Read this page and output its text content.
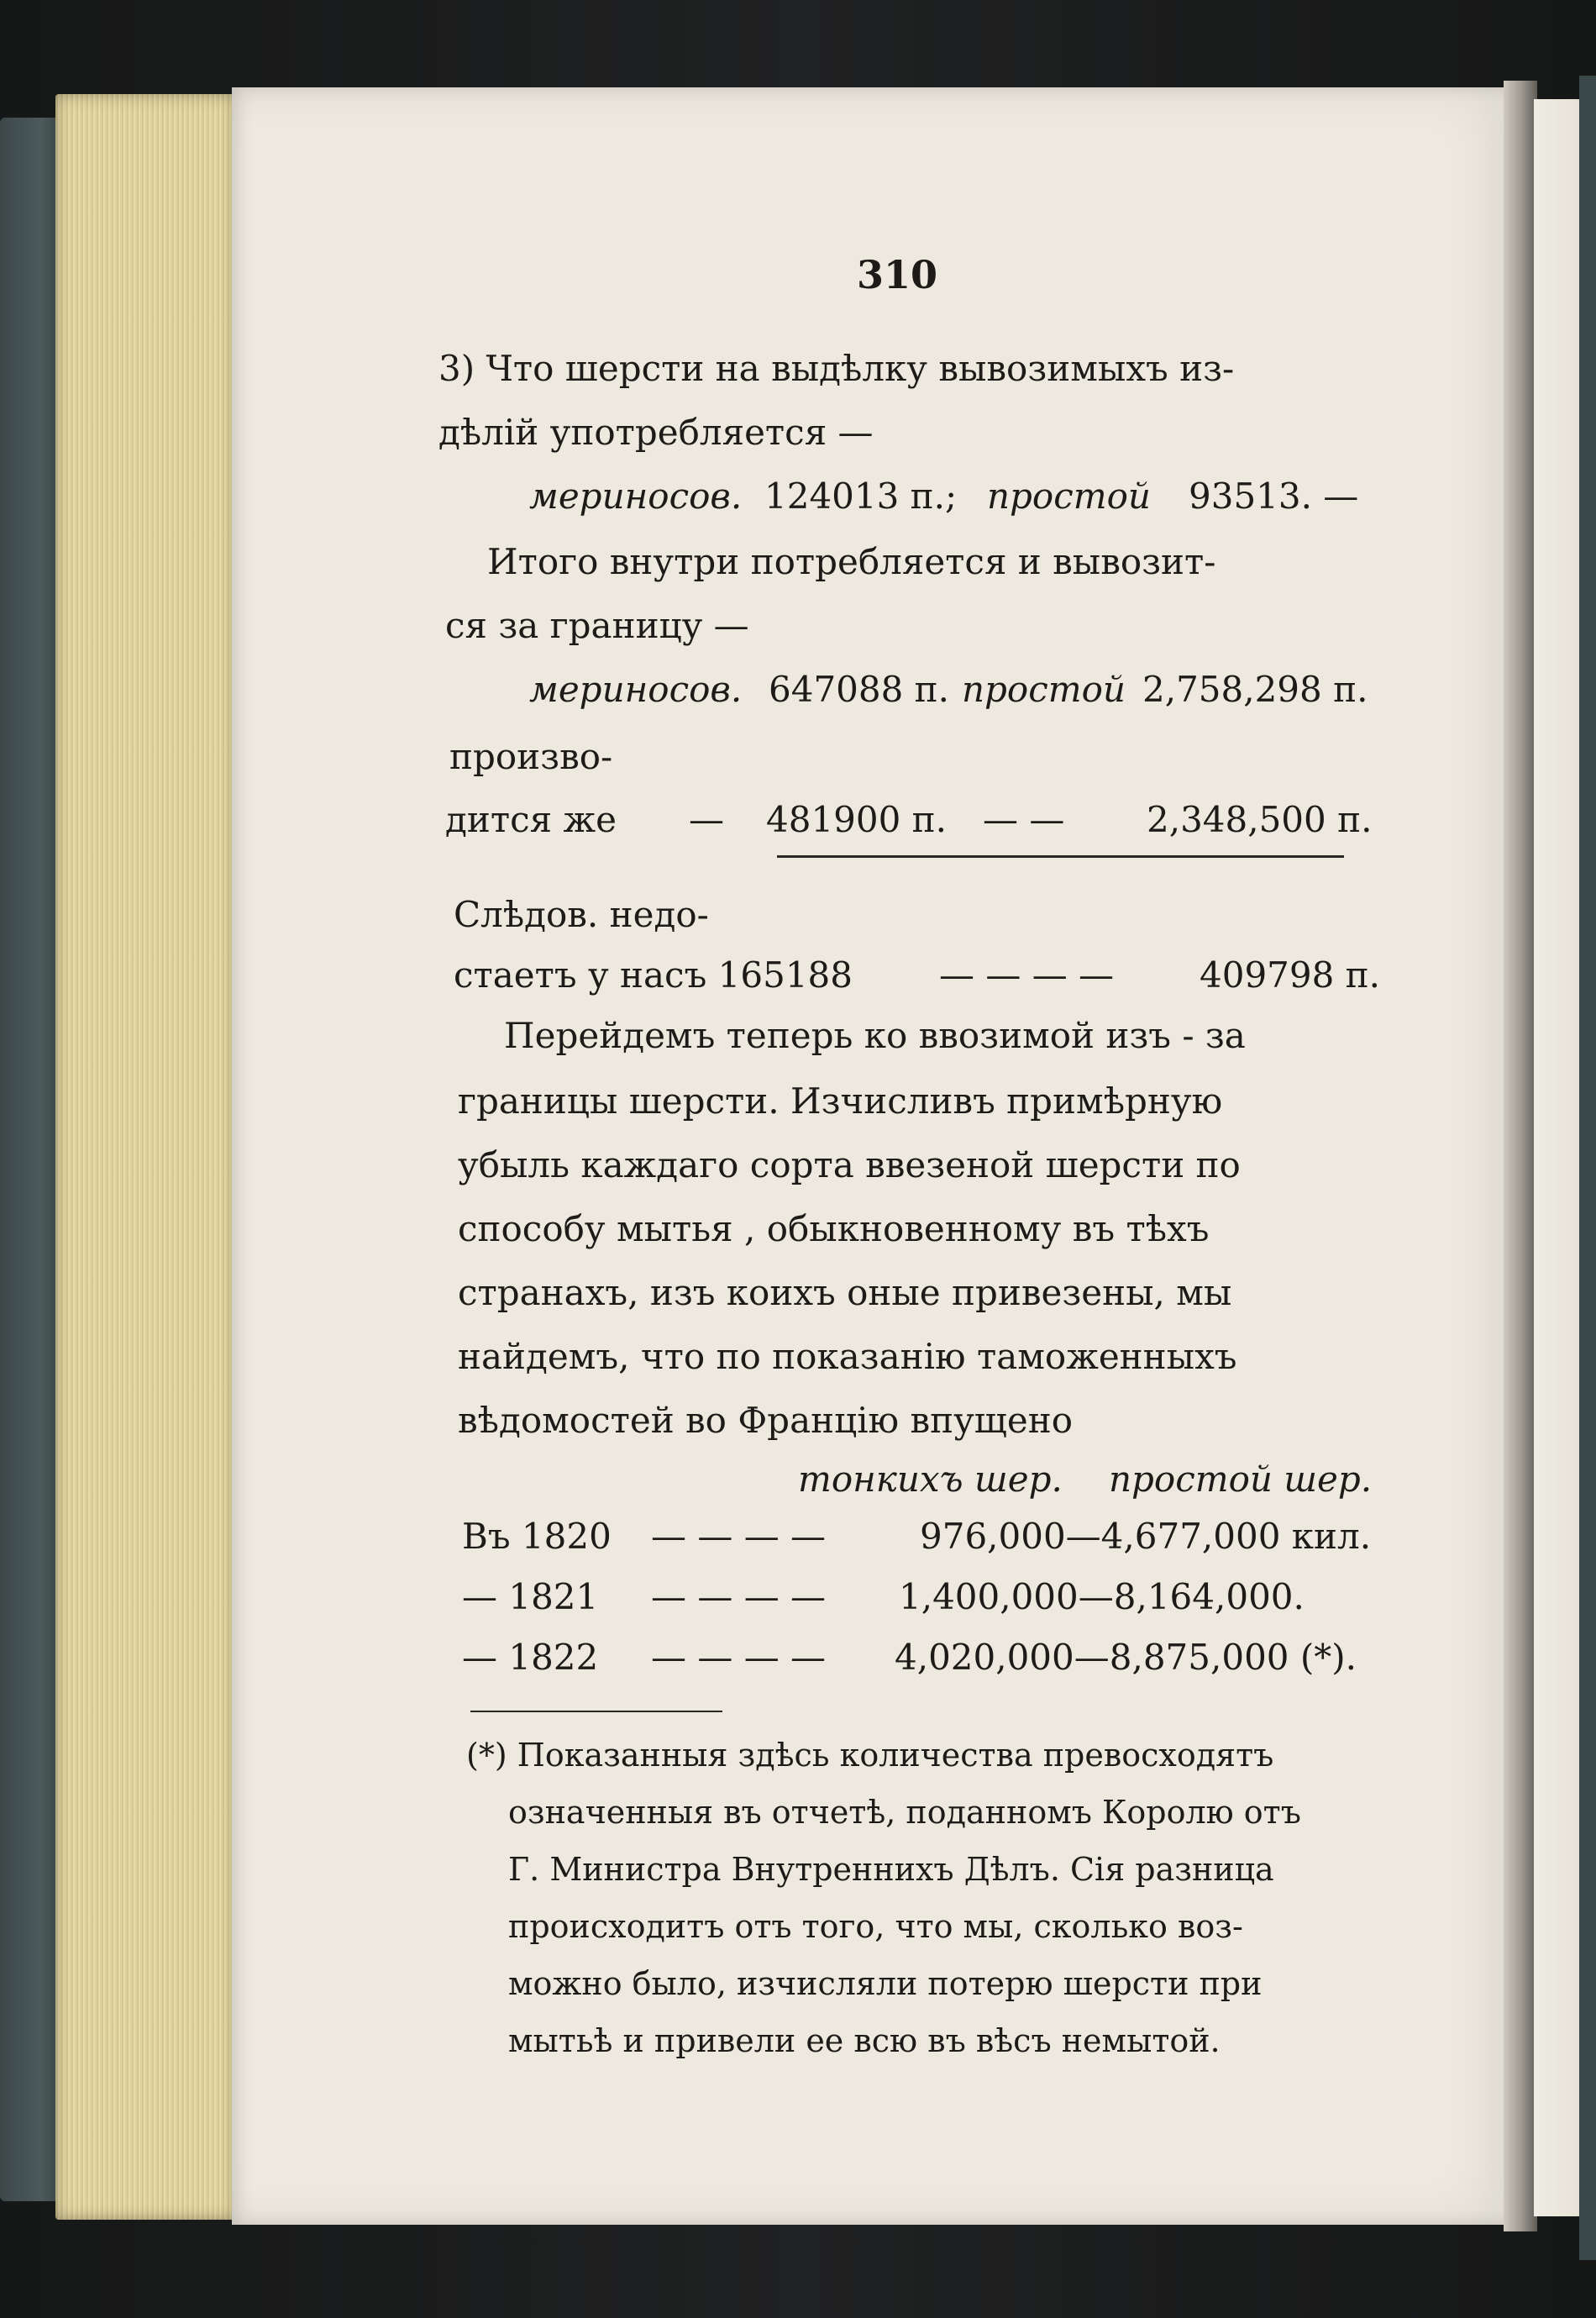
310
3) Что шерсти на выдѣлку вывозимыхъ из-
дѣлій употребляется —
мериносов. 124013 п.; простой 93513. —
Итого внутри потребляется и вывозит-
ся за границу —
мериносов. 647088 п. простой 2,758,298 п.
произво-
дится же — 481900 п. — — 2,348,500 п.
Слѣдов. недо-
стаетъ у насъ 165188 — — — — 409798 п.
Перейдемъ теперь ко ввозимой изъ - за
границы шерсти. Изчисливъ примѣрную
убыль каждаго сорта ввезеной шерсти по
способу мытья , обыкновенному въ тѣхъ
странахъ, изъ коихъ оные привезены, мы
найдемъ, что по показанію таможенныхъ
вѣдомостей во Францію впущено
тонкихъ шер. простой шер.
Въ 1820 — — — —	976,000—4,677,000 кил.
— 1821 — — — — 1,400,000—8,164,000.
— 1822 — — — — 4,020,000—8,875,000 (*).
(*) Показанныя здѣсь количества превосходятъ
означенныя въ отчетѣ, поданномъ Королю отъ
Г. Министра Внутреннихъ Дѣлъ. Сія разница
происходитъ отъ того, что мы, сколько воз-
можно было, изчисляли потерю шерсти при
мытьѣ и привели ее всю въ вѣсъ немытой.
